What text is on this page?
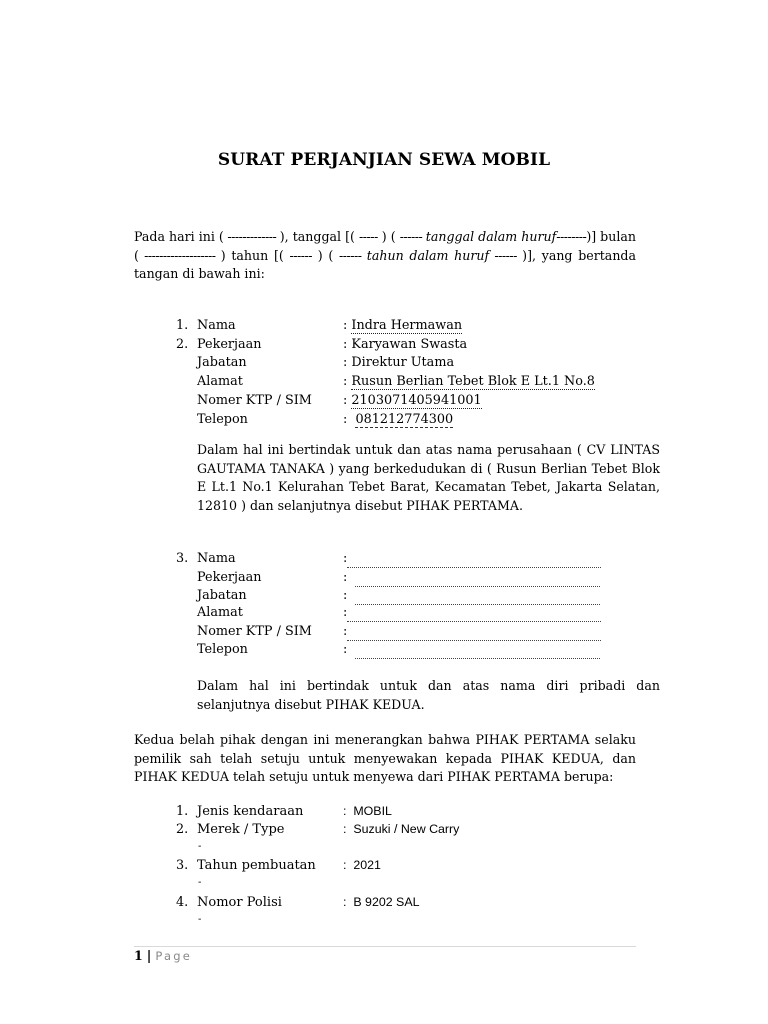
SURAT PERJANJIAN SEWA MOBIL
Pada hari ini ( ------------- ), tanggal [( ----- ) ( ------ tanggal dalam huruf--------)] bulan ( ------------------- ) tahun [( ------ ) ( ------ tahun dalam huruf ------ )], yang bertanda tangan di bawah ini:
1. Nama	: Indra Hermawan
2. Pekerjaan	: Karyawan Swasta
Jabatan	: Direktur Utama
Alamat	: Rusun Berlian Tebet Blok E Lt.1 No.8
Nomer KTP / SIM : 2103071405941001
Telepon	: 081212774300
Dalam hal ini bertindak untuk dan atas nama perusahaan ( CV LINTAS GAUTAMA TANAKA ) yang berkedudukan di ( Rusun Berlian Tebet Blok E Lt.1 No.1 Kelurahan Tebet Barat, Kecamatan Tebet, Jakarta Selatan, 12810 ) dan selanjutnya disebut PIHAK PERTAMA.
3. Nama	:
Pekerjaan	:
Jabatan	:
Alamat	:
Nomer KTP / SIM :
Telepon	:
Dalam hal ini bertindak untuk dan atas nama diri pribadi dan selanjutnya disebut PIHAK KEDUA.
Kedua belah pihak dengan ini menerangkan bahwa PIHAK PERTAMA selaku pemilik sah telah setuju untuk menyewakan kepada PIHAK KEDUA, dan PIHAK KEDUA telah setuju untuk menyewa dari PIHAK PERTAMA berupa:
1. Jenis kendaraan	: MOBIL
2. Merek / Type	: Suzuki / New Carry
-
3. Tahun pembuatan : 2021
-
4. Nomor Polisi	: B 9202 SAL
-
1 | Page
